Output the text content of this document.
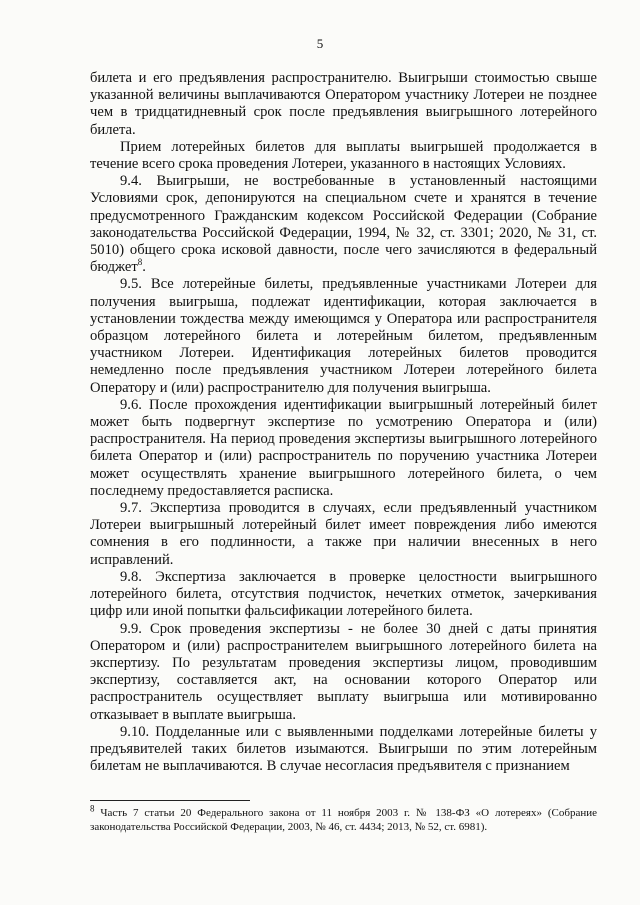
5

билета и его предъявления распространителю. Выигрыши стоимостью свыше указанной величины выплачиваются Оператором участнику Лотереи не позднее чем в тридцатидневный срок после предъявления выигрышного лотерейного билета.

Прием лотерейных билетов для выплаты выигрышей продолжается в течение всего срока проведения Лотереи, указанного в настоящих Условиях.

9.4. Выигрыши, не востребованные в установленный настоящими Условиями срок, депонируются на специальном счете и хранятся в течение предусмотренного Гражданским кодексом Российской Федерации (Собрание законодательства Российской Федерации, 1994, № 32, ст. 3301; 2020, № 31, ст. 5010) общего срока исковой давности, после чего зачисляются в федеральный бюджет$^8$.

9.5. Все лотерейные билеты, предъявленные участниками Лотереи для получения выигрыша, подлежат идентификации, которая заключается в установлении тождества между имеющимся у Оператора или распространителя образцом лотерейного билета и лотерейным билетом, предъявленным участником Лотереи. Идентификация лотерейных билетов проводится немедленно после предъявления участником Лотереи лотерейного билета Оператору и (или) распространителю для получения выигрыша.

9.6. После прохождения идентификации выигрышный лотерейный билет может быть подвергнут экспертизе по усмотрению Оператора и (или) распространителя. На период проведения экспертизы выигрышного лотерейного билета Оператор и (или) распространитель по поручению участника Лотереи может осуществлять хранение выигрышного лотерейного билета, о чем последнему предоставляется расписка.

9.7. Экспертиза проводится в случаях, если предъявленный участником Лотереи выигрышный лотерейный билет имеет повреждения либо имеются сомнения в его подлинности, а также при наличии внесенных в него исправлений.

9.8. Экспертиза заключается в проверке целостности выигрышного лотерейного билета, отсутствия подчисток, нечетких отметок, зачеркивания цифр или иной попытки фальсификации лотерейного билета.

9.9. Срок проведения экспертизы - не более 30 дней с даты принятия Оператором и (или) распространителем выигрышного лотерейного билета на экспертизу. По результатам проведения экспертизы лицом, проводившим экспертизу, составляется акт, на основании которого Оператор или распространитель осуществляет выплату выигрыша или мотивированно отказывает в выплате выигрыша.

9.10. Подделанные или с выявленными подделками лотерейные билеты у предъявителей таких билетов изымаются. Выигрыши по этим лотерейным билетам не выплачиваются. В случае несогласия предъявителя с признанием

$^8$ Часть 7 статьи 20 Федерального закона от 11 ноября 2003 г. № 138-ФЗ «О лотереях» (Собрание законодательства Российской Федерации, 2003, № 46, ст. 4434; 2013, № 52, ст. 6981).
